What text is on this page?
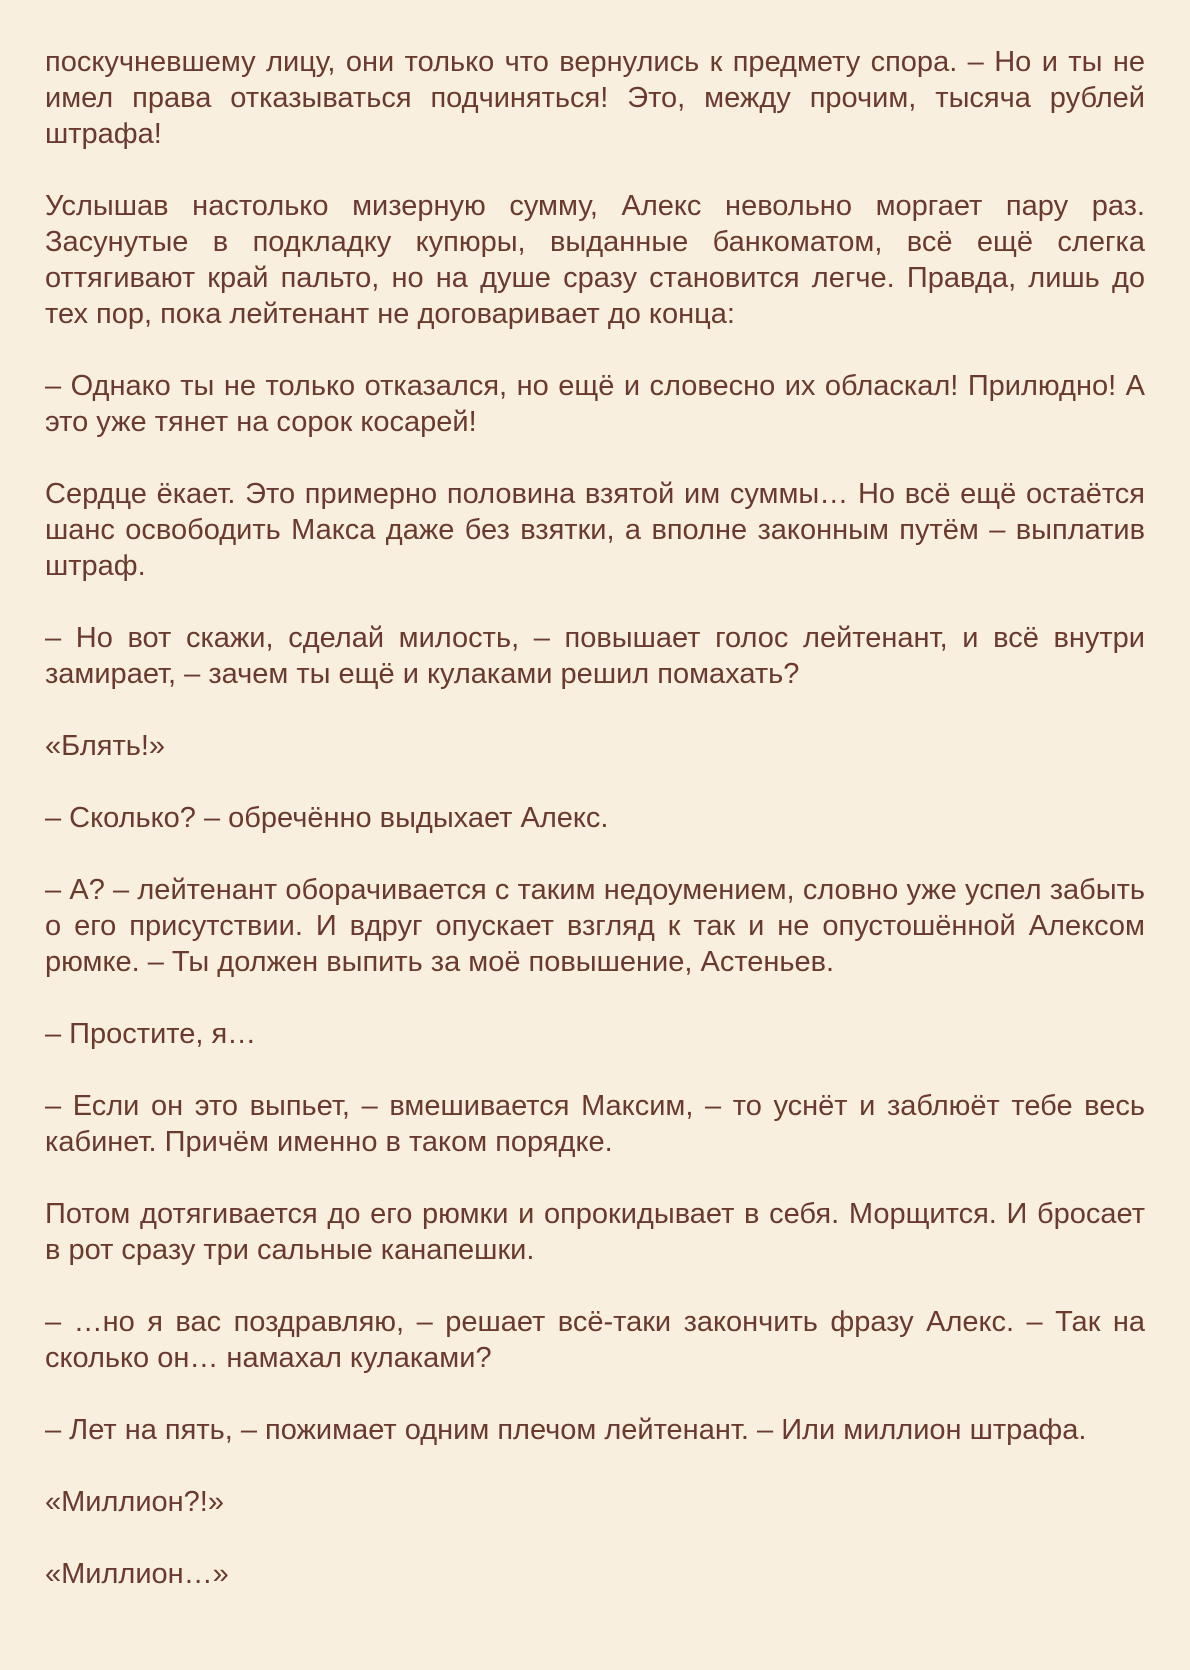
поскучневшему лицу, они только что вернулись к предмету спора. – Но и ты не имел права отказываться подчиняться! Это, между прочим, тысяча рублей штрафа!

Услышав настолько мизерную сумму, Алекс невольно моргает пару раз. Засунутые в подкладку купюры, выданные банкоматом, всё ещё слегка оттягивают край пальто, но на душе сразу становится легче. Правда, лишь до тех пор, пока лейтенант не договаривает до конца:

– Однако ты не только отказался, но ещё и словесно их обласкал! Прилюдно! А это уже тянет на сорок косарей!

Сердце ёкает. Это примерно половина взятой им суммы… Но всё ещё остаётся шанс освободить Макса даже без взятки, а вполне законным путём – выплатив штраф.

– Но вот скажи, сделай милость, – повышает голос лейтенант, и всё внутри замирает, – зачем ты ещё и кулаками решил помахать?

«Блять!»

– Сколько? – обречённо выдыхает Алекс.

– А? – лейтенант оборачивается с таким недоумением, словно уже успел забыть о его присутствии. И вдруг опускает взгляд к так и не опустошённой Алексом рюмке. – Ты должен выпить за моё повышение, Астеньев.

– Простите, я…

– Если он это выпьет, – вмешивается Максим, – то уснёт и заблюёт тебе весь кабинет. Причём именно в таком порядке.

Потом дотягивается до его рюмки и опрокидывает в себя. Морщится. И бросает в рот сразу три сальные канапешки.

– …но я вас поздравляю, – решает всё-таки закончить фразу Алекс. – Так на сколько он… намахал кулаками?

– Лет на пять, – пожимает одним плечом лейтенант. – Или миллион штрафа.

«Миллион?!»

«Миллион…»
